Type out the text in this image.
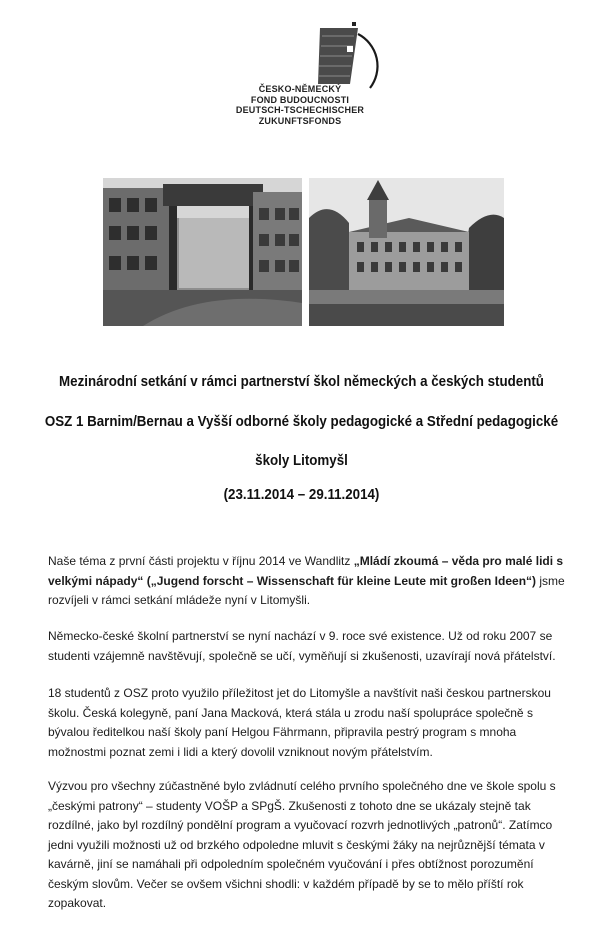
ČESKO-NĚMECKÝ
FOND BUDOUCNOSTI
DEUTSCH-TSCHECHISCHER
ZUKUNFTSFONDS
Mezinárodní setkání v rámci partnerství škol německých a českých studentů
OSZ 1 Barnim/Bernau a Vyšší odborné školy pedagogické a Střední pedagogické
školy Litomyšl
(23.11.2014 – 29.11.2014)

Naše téma z první části projektu v říjnu 2014 ve Wandlitz „Mládí zkoumá – věda pro malé lidi s velkými nápady“ („Jugend forscht – Wissenschaft für kleine Leute mit großen Ideen“) jsme rozvíjeli v rámci setkání mládeže nyní v Litomyšli.

Německo-české školní partnerství se nyní nachází v 9. roce své existence. Už od roku 2007 se studenti vzájemně navštěvují, společně se učí, vyměňují si zkušenosti, uzavírají nová přátelství.

18 studentů z OSZ proto využilo příležitost jet do Litomyšle a navštívit naši českou partnerskou školu. Česká kolegyně, paní Jana Macková, která stála u zrodu naší spolupráce společně s bývalou ředitelkou naší školy paní Helgou Fährmann, připravila pestrý program s mnoha možnostmi poznat zemi i lidi a který dovolil vzniknout novým přátelstvím.

Výzvou pro všechny zúčastněné bylo zvládnutí celého prvního společného dne ve škole spolu s „českými patrony“ – studenty VOŠP a SPgŠ. Zkušenosti z tohoto dne se ukázaly stejně tak rozdílné, jako byl rozdílný pondělní program a vyučovací rozvrh jednotlivých „patronů“. Zatímco jedni využili možnosti už od brzkého odpoledne mluvit s českými žáky na nejrůznější témata v kavárně, jiní se namáhali při odpoledním společném vyučování i přes obtížnost porozumění českým slovům. Večer se ovšem všichni shodli: v každém případě by se to mělo příští rok zopakovat.
